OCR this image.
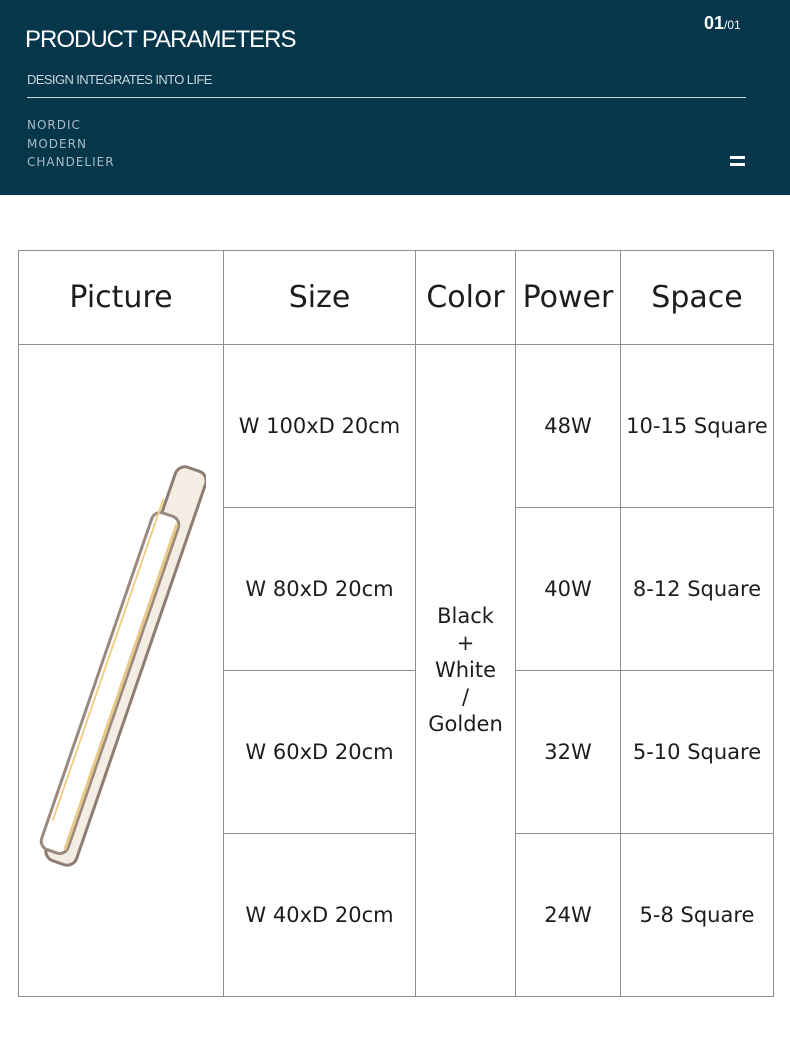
PRODUCT PARAMETERS
DESIGN INTEGRATES INTO LIFE
NORDIC
MODERN
CHANDELIER
01/01
Picture	Size	Color	Power	Space

	W 100xD 20cm	Black
+
White
/
Golden	48W	10-15 Square
	W 80xD 20cm		40W	8-12 Square
	W 60xD 20cm		32W	5-10 Square
	W 40xD 20cm		24W	5-8 Square
